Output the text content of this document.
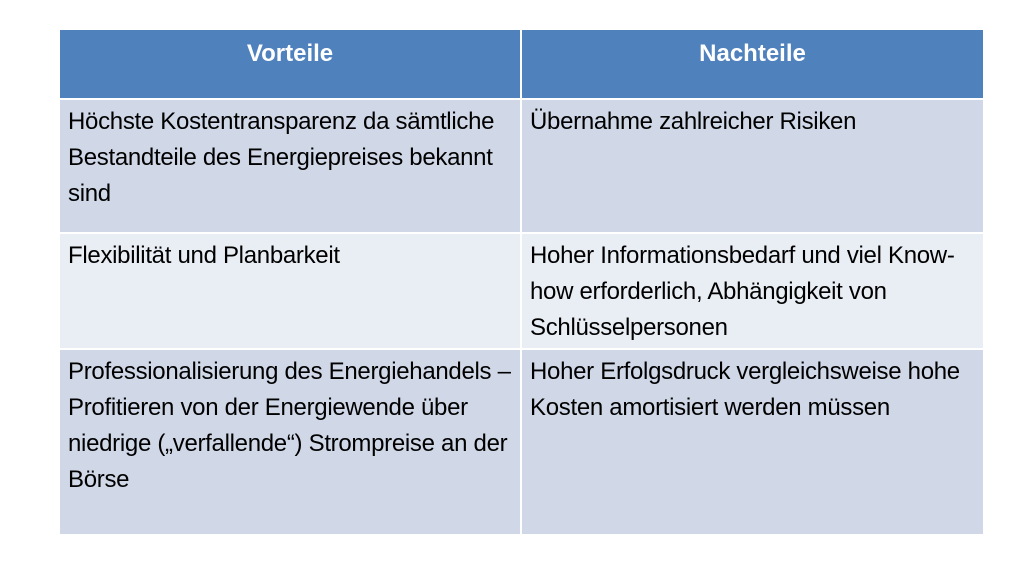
Vorteile	Nachteile
Höchste Kostentransparenz da sämtliche Bestandteile des Energiepreises bekannt sind	Übernahme zahlreicher Risiken
Flexibilität und Planbarkeit	Hoher Informationsbedarf und viel Know-how erforderlich, Abhängigkeit von Schlüsselpersonen
Professionalisierung des Energiehandels – Profitieren von der Energiewende über niedrige („verfallende“) Strompreise an der Börse	Hoher Erfolgsdruck vergleichsweise hohe Kosten amortisiert werden müssen
